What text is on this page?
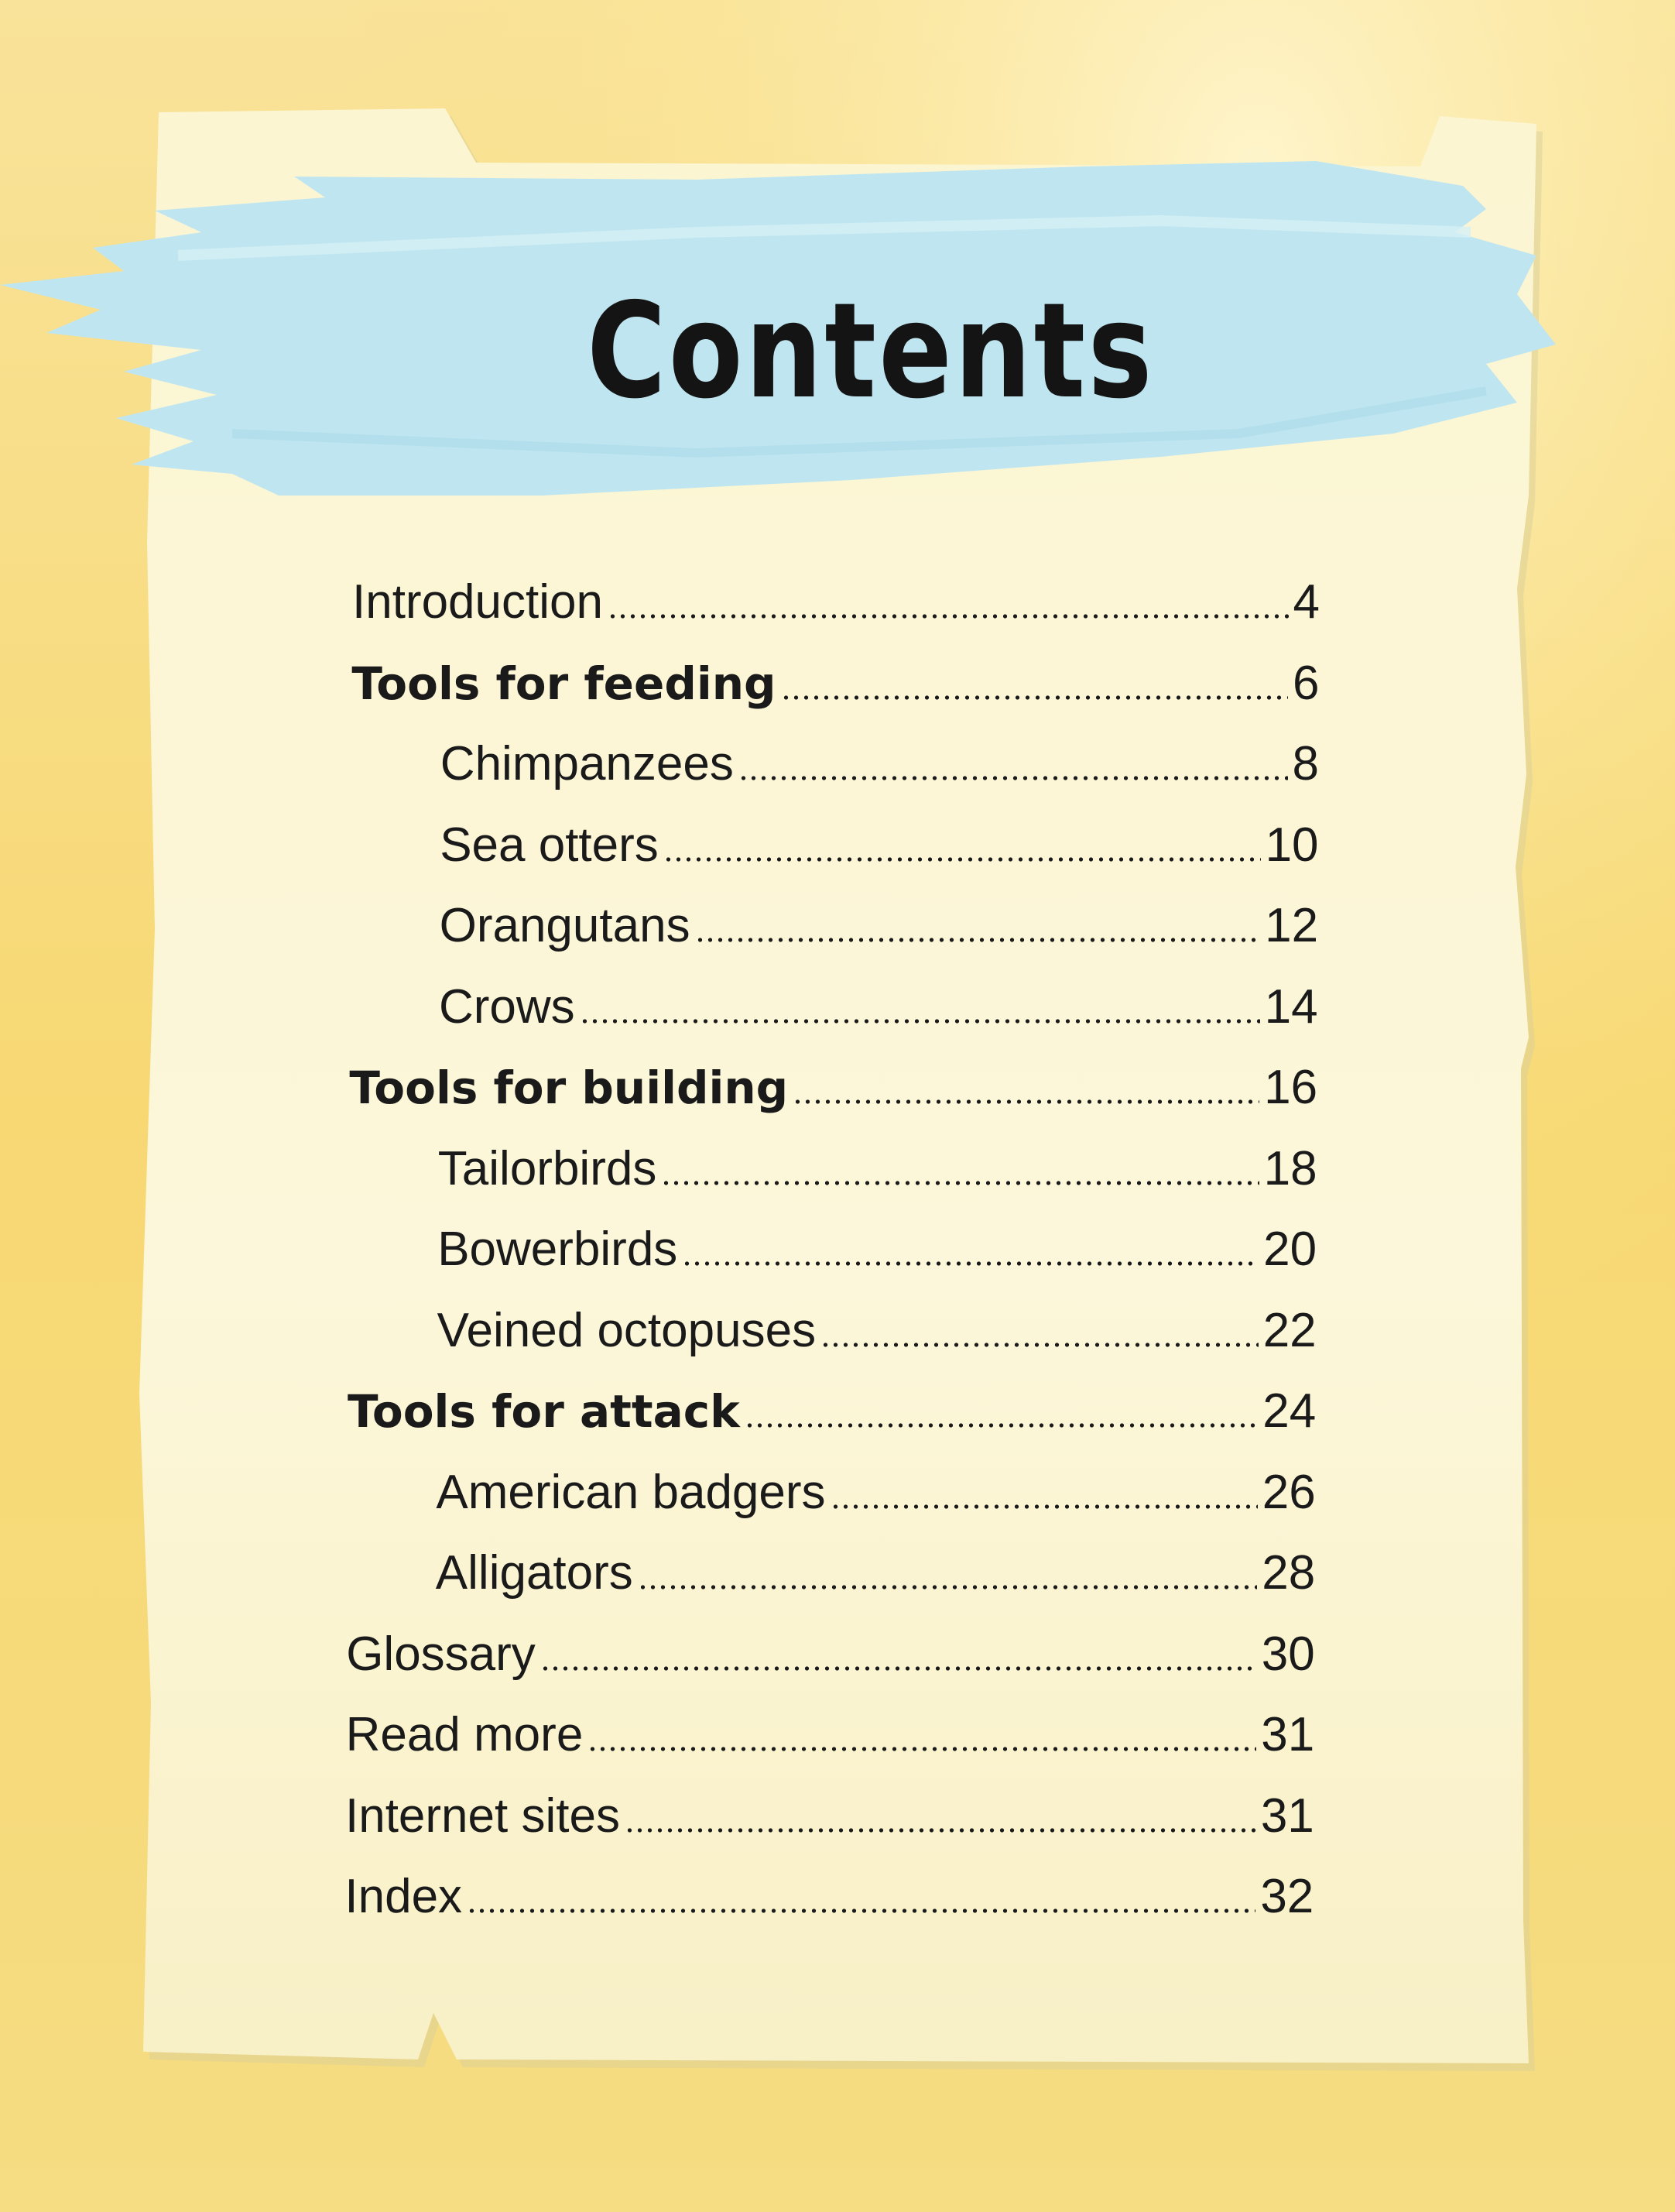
Contents
Introduction	4
Tools for feeding	6
Chimpanzees	8
Sea otters	10
Orangutans	12
Crows	14
Tools for building	16
Tailorbirds	18
Bowerbirds	20
Veined octopuses	22
Tools for attack	24
American badgers	26
Alligators	28
Glossary	30
Read more	31
Internet sites	31
Index	32
